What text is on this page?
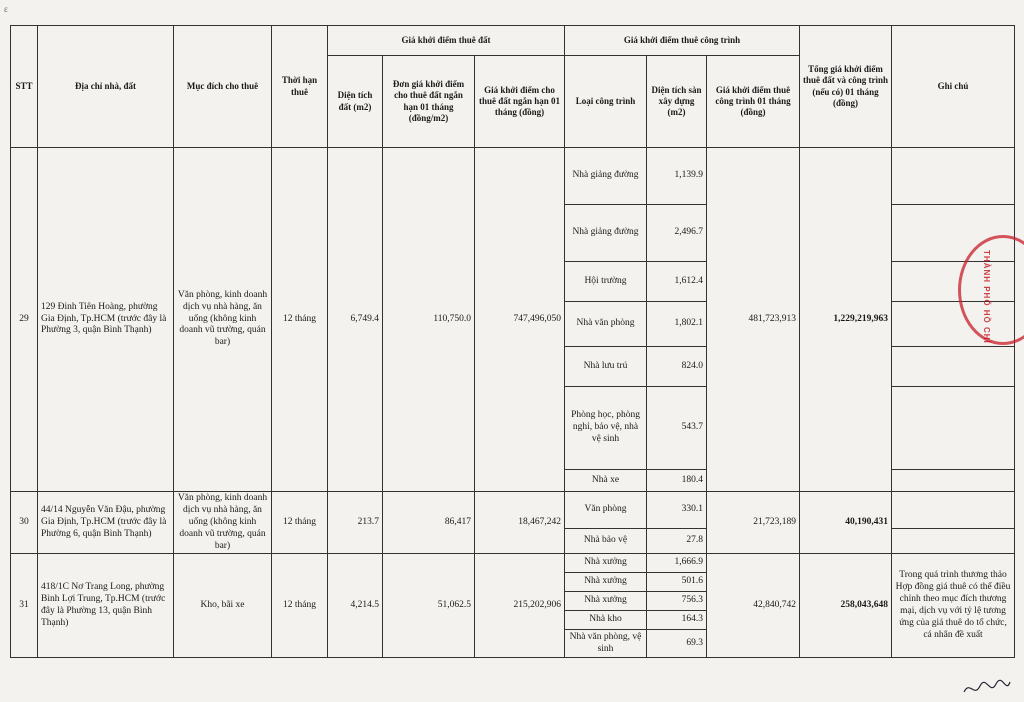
ε
STT	Địa chỉ nhà, đất	Mục đích cho thuê	Thời hạn thuê	Giá khởi điểm thuê đất			Giá khởi điểm thuê công trình			Tổng giá khởi điểm thuê đất và công trình (nếu có) 01 tháng (đồng)	Ghi chú
				Diện tích đất (m2)	Đơn giá khởi điểm cho thuê đất ngắn hạn 01 tháng (đồng/m2)	Giá khởi điểm cho thuê đất ngắn hạn 01 tháng (đồng)	Loại công trình	Diện tích sàn xây dựng (m2)	Giá khởi điểm thuê công trình 01 tháng (đồng)		
29	129 Đinh Tiên Hoàng, phường Gia Định, Tp.HCM (trước đây là Phường 3, quận Bình Thạnh)	Văn phòng, kinh doanh dịch vụ nhà hàng, ăn uống (không kinh doanh vũ trường, quán bar)	12 tháng	6,749.4	110,750.0	747,496,050	Nhà giảng đường	1,139.9	481,723,913	1,229,219,963	
							Nhà giảng đường	2,496.7			
							Hội trường	1,612.4			
							Nhà văn phòng	1,802.1			
							Nhà lưu trú	824.0			
							Phòng học, phòng nghỉ, bảo vệ, nhà vệ sinh	543.7			
							Nhà xe	180.4			
30	44/14 Nguyễn Văn Đậu, phường Gia Định, Tp.HCM (trước đây là Phường 6, quận Bình Thạnh)	Văn phòng, kinh doanh dịch vụ nhà hàng, ăn uống (không kinh doanh vũ trường, quán bar)	12 tháng	213.7	86,417	18,467,242	Văn phòng	330.1	21,723,189	40,190,431	
							Nhà bảo vệ	27.8			
31	418/1C Nơ Trang Long, phường Bình Lợi Trung, Tp.HCM (trước đây là Phường 13, quận Bình Thạnh)	Kho, bãi xe	12 tháng	4,214.5	51,062.5	215,202,906	Nhà xưởng	1,666.9	42,840,742	258,043,648	Trong quá trình thương thảo Hợp đồng giá thuê có thể điều chỉnh theo mục đích thương mại, dịch vụ với tỷ lệ tương ứng của giá thuê do tổ chức, cá nhân đề xuất
							Nhà xưởng	501.6			
							Nhà xưởng	756.3			
							Nhà kho	164.3			
							Nhà văn phòng, vệ sinh	69.3			
THÀNH PHỐ HỒ CHÍ
